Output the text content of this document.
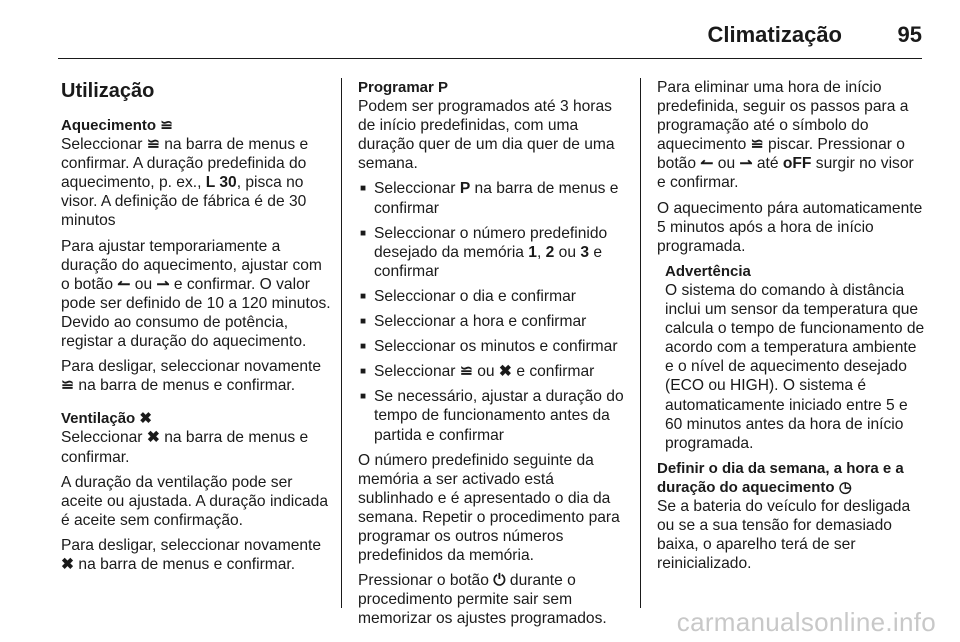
Climatização	95
Utilização
Aquecimento ≌

Seleccionar ≌ na barra de menus e confirmar. A duração predefinida do aquecimento, p. ex., L 30, pisca no visor. A definição de fábrica é de 30 minutos

Para ajustar temporariamente a duração do aquecimento, ajustar com o botão ↼ ou ⇀ e confirmar. O valor pode ser definido de 10 a 120 minutos. Devido ao consumo de potência, registar a duração do aquecimento.

Para desligar, seleccionar novamente ≌ na barra de menus e confirmar.

Ventilação ✖

Seleccionar ✖ na barra de menus e confirmar.

A duração da ventilação pode ser aceite ou ajustada. A duração indicada é aceite sem confirmação.

Para desligar, seleccionar novamente ✖ na barra de menus e confirmar.

Programar P

Podem ser programados até 3 horas de início predefinidas, com uma duração quer de um dia quer de uma semana.

■ Seleccionar P na barra de menus e confirmar
■ Seleccionar o número predefinido desejado da memória 1, 2 ou 3 e confirmar
■ Seleccionar o dia e confirmar
■ Seleccionar a hora e confirmar
■ Seleccionar os minutos e confirmar
■ Seleccionar ≌ ou ✖ e confirmar
■ Se necessário, ajustar a duração do tempo de funcionamento antes da partida e confirmar

O número predefinido seguinte da memória a ser activado está sublinhado e é apresentado o dia da semana. Repetir o procedimento para programar os outros números predefinidos da memória.

Pressionar o botão ⏻ durante o procedimento permite sair sem memorizar os ajustes programados.

Para eliminar uma hora de início predefinida, seguir os passos para a programação até o símbolo do aquecimento ≌ piscar. Pressionar o botão ↼ ou ⇀ até oFF surgir no visor e confirmar.

O aquecimento pára automaticamente 5 minutos após a hora de início programada.

Advertência
O sistema do comando à distância inclui um sensor da temperatura que calcula o tempo de funcionamento de acordo com a temperatura ambiente e o nível de aquecimento desejado (ECO ou HIGH). O sistema é automaticamente iniciado entre 5 e 60 minutos antes da hora de início programada.
Definir o dia da semana, a hora e a duração do aquecimento ◷

Se a bateria do veículo for desligada ou se a sua tensão for demasiado baixa, o aparelho terá de ser reinicializado.

carmanualsonline.info
